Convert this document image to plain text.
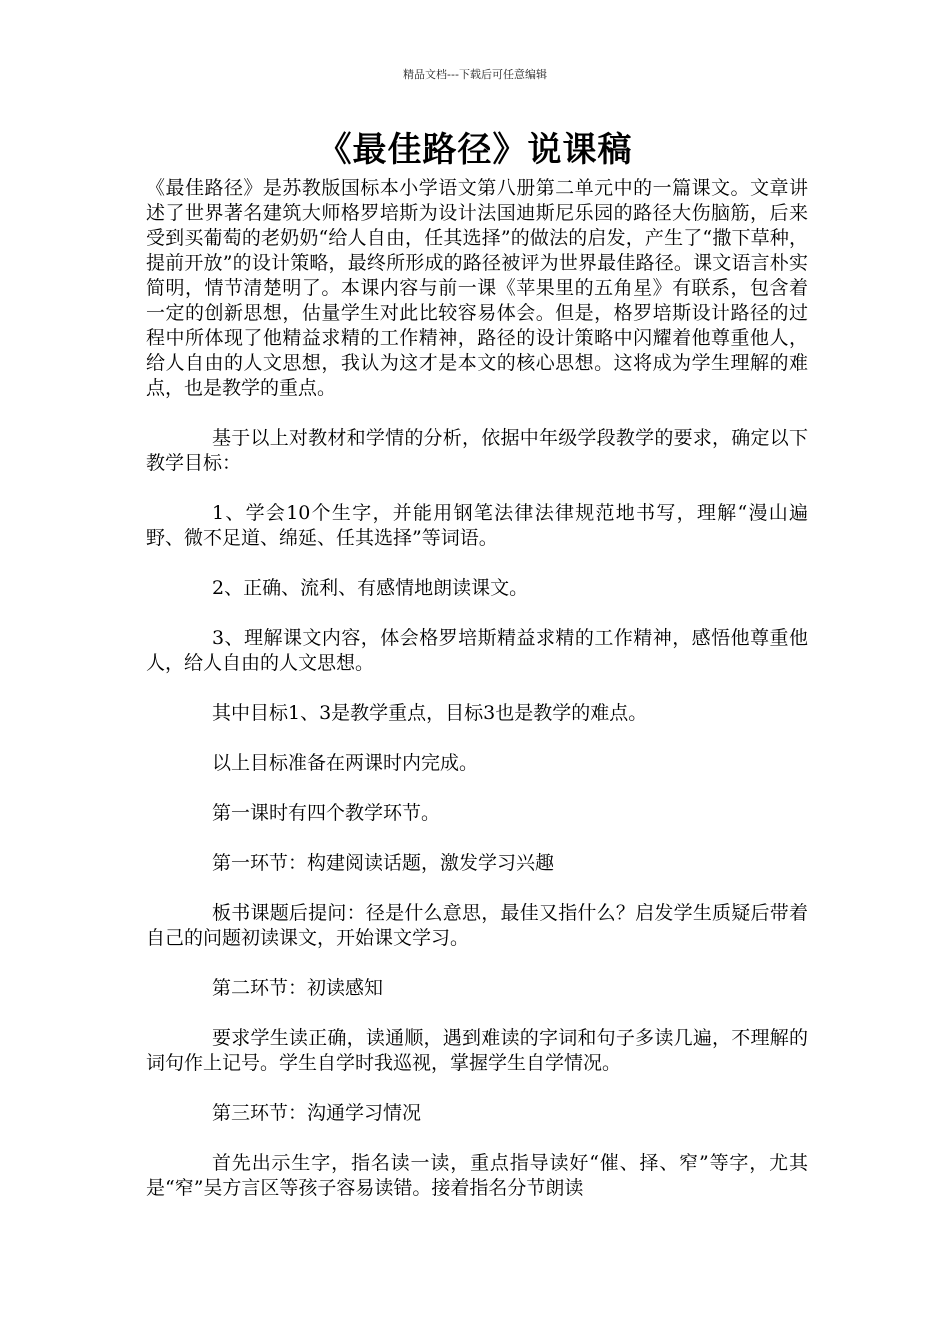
精品文档---下载后可任意编辑
《最佳路径》说课稿

《最佳路径》是苏教版国标本小学语文第八册第二单元中的一篇课文。文章讲述了世界著名建筑大师格罗培斯为设计法国迪斯尼乐园的路径大伤脑筋，后来受到买葡萄的老奶奶“给人自由，任其选择”的做法的启发，产生了“撒下草种，提前开放”的设计策略，最终所形成的路径被评为世界最佳路径。课文语言朴实简明，情节清楚明了。本课内容与前一课《苹果里的五角星》有联系，包含着一定的创新思想，估量学生对此比较容易体会。但是，格罗培斯设计路径的过程中所体现了他精益求精的工作精神，路径的设计策略中闪耀着他尊重他人，给人自由的人文思想，我认为这才是本文的核心思想。这将成为学生理解的难点，也是教学的重点。

基于以上对教材和学情的分析，依据中年级学段教学的要求，确定以下教学目标：

1、学会10个生字，并能用钢笔法律法律规范地书写，理解“漫山遍野、微不足道、绵延、任其选择”等词语。

2、正确、流利、有感情地朗读课文。

3、理解课文内容，体会格罗培斯精益求精的工作精神，感悟他尊重他人，给人自由的人文思想。

其中目标1、3是教学重点，目标3也是教学的难点。

以上目标准备在两课时内完成。

第一课时有四个教学环节。

第一环节：构建阅读话题，激发学习兴趣

板书课题后提问：径是什么意思，最佳又指什么？启发学生质疑后带着自己的问题初读课文，开始课文学习。

第二环节：初读感知

要求学生读正确，读通顺，遇到难读的字词和句子多读几遍，不理解的词句作上记号。学生自学时我巡视，掌握学生自学情况。

第三环节：沟通学习情况

首先出示生字，指名读一读，重点指导读好“催、择、窄”等字，尤其是“窄”吴方言区等孩子容易读错。接着指名分节朗读
